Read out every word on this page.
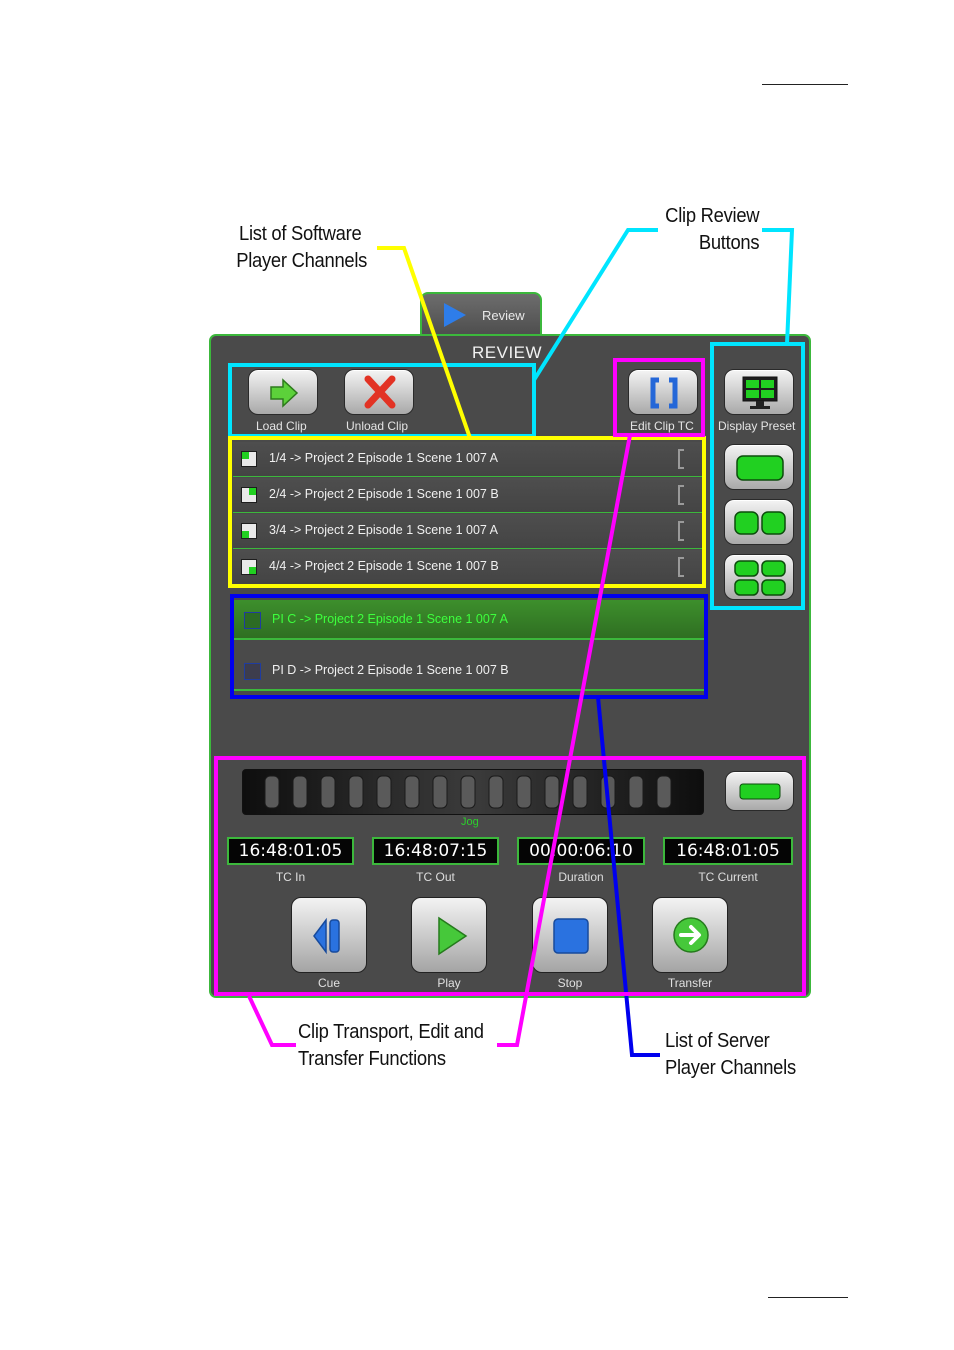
List of Software
Player Channels
Clip Review
Buttons
Clip Transport, Edit and
Transfer Functions
List of Server
Player Channels
Review
REVIEW
Load Clip	Unload Clip	Edit Clip TC Display Preset
1/4 -> Project 2 Episode 1 Scene 1 007 A
2/4 -> Project 2 Episode 1 Scene 1 007 B
3/4 -> Project 2 Episode 1 Scene 1 007 A
4/4 -> Project 2 Episode 1 Scene 1 007 B
PI C -> Project 2 Episode 1 Scene 1 007 A
PI D -> Project 2 Episode 1 Scene 1 007 B
Jog
16:48:01:05
TC In
16:48:07:15
TC Out
00:00:06:10
Duration
16:48:01:05
TC Current
Cue	Play	Stop	Transfer
